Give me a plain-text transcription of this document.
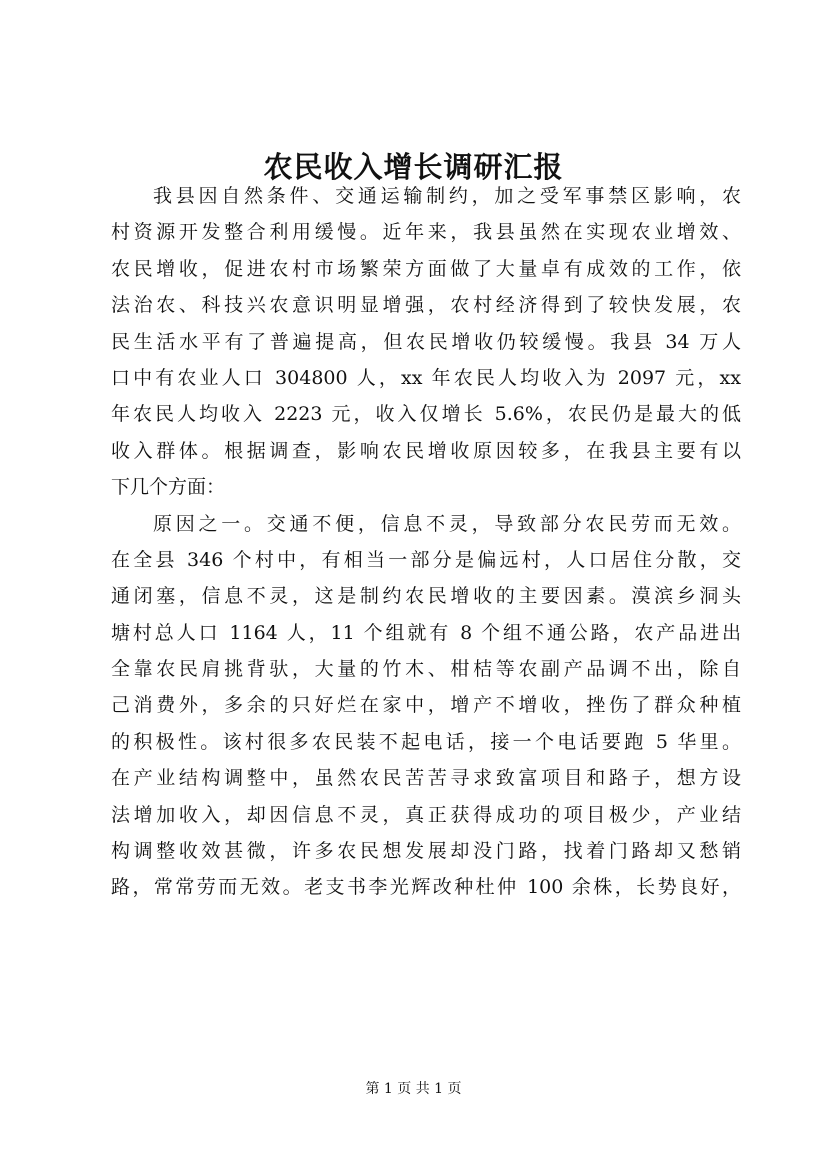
农民收入增长调研汇报
我县因自然条件、交通运输制约，加之受军事禁区影响，农
村资源开发整合利用缓慢。近年来，我县虽然在实现农业增效、
农民增收，促进农村市场繁荣方面做了大量卓有成效的工作，依
法治农、科技兴农意识明显增强，农村经济得到了较快发展，农
民生活水平有了普遍提高，但农民增收仍较缓慢。我县 34 万人
口中有农业人口 304800 人，xx 年农民人均收入为 2097 元，xx
年农民人均收入 2223 元，收入仅增长 5.6%，农民仍是最大的低
收入群体。根据调查，影响农民增收原因较多，在我县主要有以
下几个方面：
原因之一。交通不便，信息不灵，导致部分农民劳而无效。
在全县 346 个村中，有相当一部分是偏远村，人口居住分散，交
通闭塞，信息不灵，这是制约农民增收的主要因素。漠滨乡洞头
塘村总人口 1164 人，11 个组就有 8 个组不通公路，农产品进出
全靠农民肩挑背驮，大量的竹木、柑桔等农副产品调不出，除自
己消费外，多余的只好烂在家中，增产不增收，挫伤了群众种植
的积极性。该村很多农民装不起电话，接一个电话要跑 5 华里。
在产业结构调整中，虽然农民苦苦寻求致富项目和路子，想方设
法增加收入，却因信息不灵，真正获得成功的项目极少，产业结
构调整收效甚微，许多农民想发展却没门路，找着门路却又愁销
路，常常劳而无效。老支书李光辉改种杜仲 100 余株，长势良好，
第 1 页 共 1 页
